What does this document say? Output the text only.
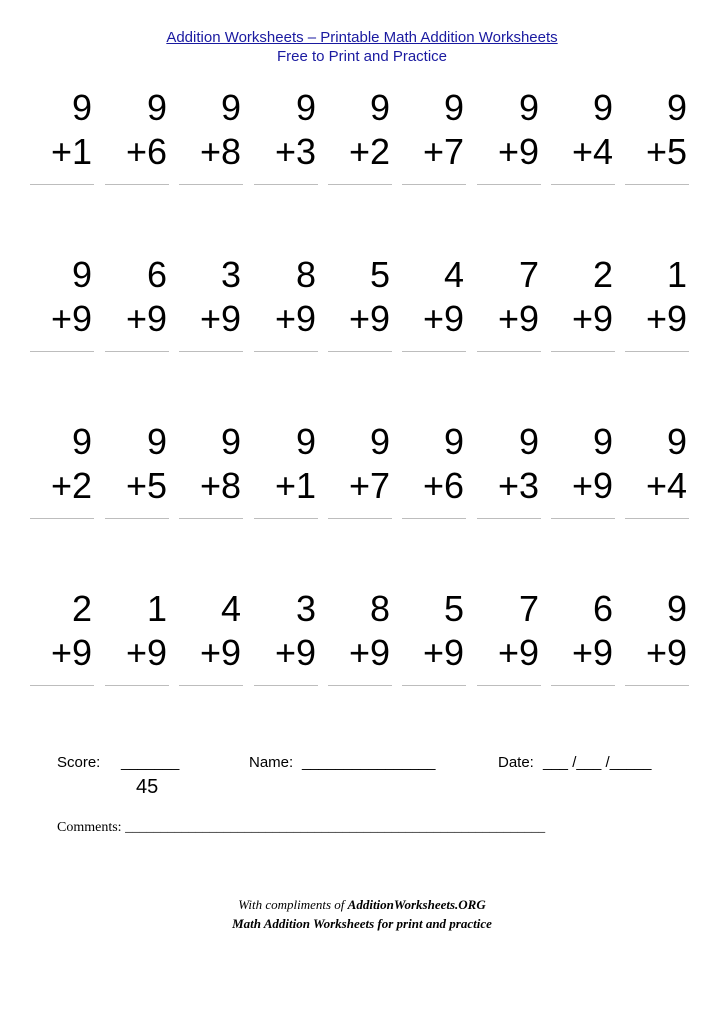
Addition Worksheets – Printable Math Addition Worksheets
Free to Print and Practice
9
+1
9
+6
9
+8
9
+3
9
+2
9
+7
9
+9
9
+4
9
+5
9
+9
6
+9
3
+9
8
+9
5
+9
4
+9
7
+9
2
+9
1
+9
9
+2
9
+5
9
+8
9
+1
9
+7
9
+6
9
+3
9
+9
9
+4
2
+9
1
+9
4
+9
3
+9
8
+9
5
+9
7
+9
6
+9
9
+9
Score: _______
45
Name: ________________	Date: ___ /___ /_____
Comments: ____________________________________________________________
With compliments of AdditionWorksheets.ORG
Math Addition Worksheets for print and practice
